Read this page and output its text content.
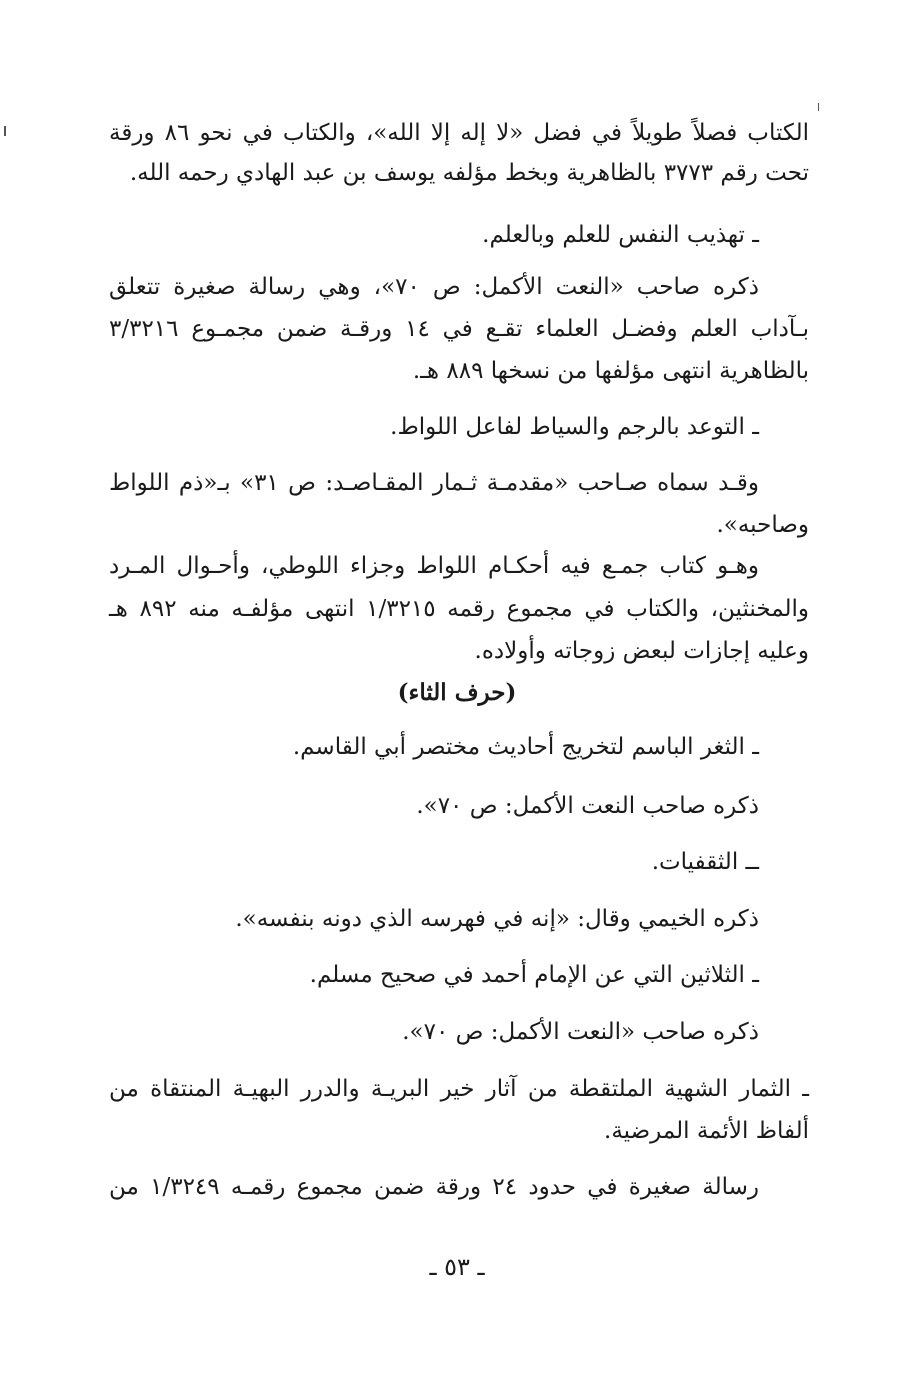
الكتاب فصلاً طويلاً في فضل «لا إله إلا الله»، والكتاب في نحو ٨٦ ورقة
تحت رقم ٣٧٧٣ بالظاهرية وبخط مؤلفه يوسف بن عبد الهادي رحمه الله.
ـ تهذيب النفس للعلم وبالعلم.
ذكره صاحب «النعت الأكمل: ص ٧٠»، وهي رسالة صغيرة تتعلق
بـآداب العلم وفضـل العلماء تقـع في ١٤ ورقـة ضمن مجمـوع ٣/٣٢١٦
بالظاهرية انتهى مؤلفها من نسخها ٨٨٩ هـ.
ـ التوعد بالرجم والسياط لفاعل اللواط.
وقـد سماه صـاحب «مقدمـة ثـمار المقـاصـد: ص ٣١» بـ«ذم اللواط
وصاحبه».
وهـو كتاب جمـع فيه أحكـام اللواط وجزاء اللوطي، وأحـوال المـرد
والمخنثين، والكتاب في مجموع رقمه ١/٣٢١٥ انتهى مؤلفـه منه ٨٩٢ هـ
وعليه إجازات لبعض زوجاته وأولاده.
(حرف الثاء)
ـ الثغر الباسم لتخريج أحاديث مختصر أبي القاسم.
ذكره صاحب النعت الأكمل: ص ٧٠».
ــ الثقفيات.
ذكره الخيمي وقال: «إنه في فهرسه الذي دونه بنفسه».
ـ الثلاثين التي عن الإمام أحمد في صحيح مسلم.
ذكره صاحب «النعت الأكمل: ص ٧٠».
ـ الثمار الشهية الملتقطة من آثار خير البريـة والدرر البهيـة المنتقاة من
ألفاظ الأئمة المرضية.
رسالة صغيرة في حدود ٢٤ ورقة ضمن مجموع رقمـه ١/٣٢٤٩ من
ـ ٥٣ ـ
